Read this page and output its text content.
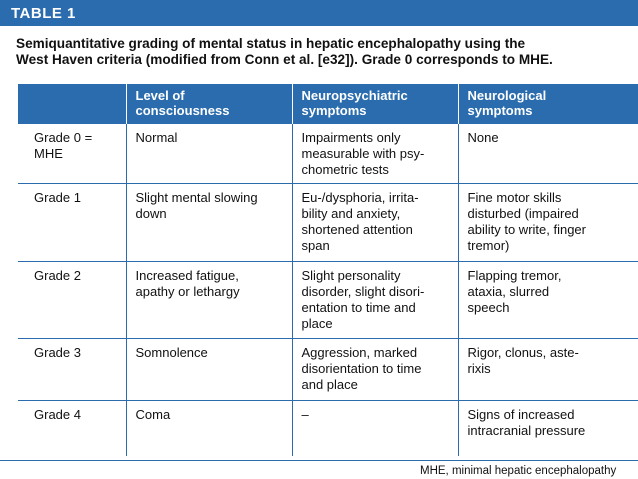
TABLE 1
Semiquantitative grading of mental status in hepatic encephalopathy using the
West Haven criteria (modified from Conn et al. [e32]). Grade 0 corresponds to MHE.

	Level of
consciousness	Neuropsychiatric
symptoms	Neurological
symptoms

Grade 0 =
MHE	Normal	Impairments only
measurable with psy-
chometric tests	None

Grade 1	Slight mental slowing
down	Eu-/dysphoria, irrita-
bility and anxiety,
shortened attention
span	Fine motor skills
disturbed (impaired
ability to write, finger
tremor)

Grade 2	Increased fatigue,
apathy or lethargy	Slight personality
disorder, slight disori-
entation to time and
place	Flapping tremor,
ataxia, slurred
speech

Grade 3	Somnolence	Aggression, marked
disorientation to time
and place	Rigor, clonus, aste-
rixis

Grade 4	Coma	–	Signs of increased
intracranial pressure
MHE, minimal hepatic encephalopathy
